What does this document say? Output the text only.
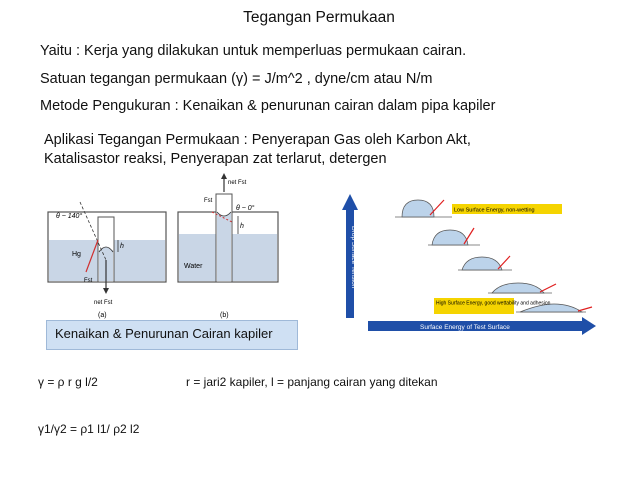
Tegangan Permukaan
Yaitu : Kerja yang dilakukan untuk memperluas permukaan cairan.
Satuan tegangan permukaan (γ) = J/m^2 , dyne/cm atau N/m
Metode Pengukuran : Kenaikan & penurunan cairan dalam pipa kapiler
Aplikasi Tegangan Permukaan : Penyerapan Gas oleh Karbon Akt,
Katalisastor reaksi, Penyerapan zat terlarut, detergen
h
θ ~ 140°
Hg
Fst
net Fst
(a)
h
θ ~ 0°
Fst
net Fst
Water
(b)
Kenaikan & Penurunan Cairan kapiler
Drop Surface Tension
Surface Energy of Test Surface
Low Surface Energy, non-wetting
High Surface Energy, good wettability and adhesion
γ = ρ r g l/2	r = jari2 kapiler, l = panjang cairan yang ditekan
γ1/γ2 = ρ1 l1/ ρ2 l2
